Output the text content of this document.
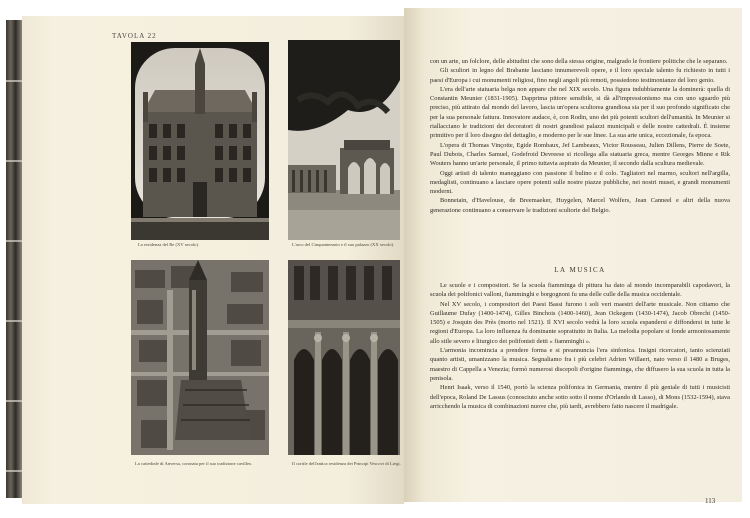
TAVOLA 22
La residenza del Re (XV secolo).	L'arco del Cinquantenario e il suo palazzo (XX secolo).
La cattedrale di Anversa, coronata per il suo tradizione cavilleo.	Il cortile dell'antica residenza dei Principi Vescovi di Liegi.

con un arte, un folclore, delle abitudini che sono della stessa origine, malgrado le frontiere politiche che le separano.

Gli scultori in legno del Brabante lasciano innumerevoli opere, e il loro speciale talento fu richiesto in tutti i paesi d'Europa i cui monumenti religiosi, fino negli angoli più remoti, possiedono testimonianze del loro genio.

L'era dell'arte statuaria belga non appare che nel XIX secolo. Una figura indubbiamente la dominerà: quella di Constantin Meunier (1831-1905). Dapprima pittore sensibile, si dà all'impressionismo ma con uno sguardo più preciso, più attirato dal mondo del lavoro, lascia un'opera scultorea grandiosa sia per il suo profondo significato che per la sua personale fattura. Innovatore audace, è, con Rodin, uno dei più potenti scultori dell'umanità. In Meunier si riallacciano le tradizioni dei decoratori di nostri grandiosi palazzi municipali e delle nostre cattedrali. È insieme primitivo per il loro disegno del dettaglio, e moderno per le sue linee. La sua arte unica, eccezionale, fa epoca.

L'opera di Thomas Vinçotte, Egide Rombaux, Jef Lambeaux, Victor Rousseau, Julien Dillens, Pierre de Soete, Paul Dubois, Charles Samuel, Godefroid Devreese si ricollega alla statuaria greca, mentre Georges Minne e Rik Wouters hanno un'arte personale, il primo tuttavia aspirato da Meunier, il secondo dalla scultura medievale.

Oggi artisti di talento maneggiano con passione il bulino e il colo. Tagliatori nel marmo, scultori nell'argilla, medaglisti, continuano a lasciare opere potenti sulle nostre piazze pubbliche, nei nostri musei, e grandi monumenti moderni.

Bonnetain, d'Havelouse, de Breemaeker, Huygelen, Marcel Wolfers, Jean Canneel e altri della nuova generazione continuano a conservare le tradizioni scultorie del Belgio.

LA MUSICA

Le scuole e i compositori. Se la scuola fiamminga di pittura ha dato al mondo incomparabili capodavori, la scuola dei polifonici valloni, fiamminghi e borgognoni fu una delle culle della musica occidentale.

Nel XV secolo, i compositori dei Paesi Bassi furono i soli veri maestri dell'arte musicale. Non citiamo che Guillaume Dufay (1400-1474), Gilles Binchois (1400-1460), Jean Ockegem (1430-1474), Jacob Obrecht (1450-1505) e Josquin des Près (morto nel 1521). Il XVI secolo vedrà la loro scuola espandersi e diffondersi in tutte le regioni d'Europa. La loro influenza fu dominante soprattutto in Italia. La melodia popolare si fonde armoniosamente allo stile severo e liturgico dei polifonisti detti « fiamminghi ».

L'armonia incomincia a prendere forma e si preannuncia l'era sinfonica. Insigni ricercatori, tanto scienziati quanto artisti, umanizzano la musica. Segnaliamo fra i più celebri Adrien Willaert, nato verso il 1480 a Bruges, maestro di Cappella a Venezia; formò numerosi discepoli d'origine fiamminga, che diffusero la sua scuola in tutta la penisola.

Henri Isaak, verso il 1540, portò la scienza polifonica in Germania, mentre il più geniale di tutti i musicisti dell'epoca, Roland De Lassus (conosciuto anche sotto sotto il nome d'Orlando di Lasso), di Mons (1532-1594), stava arricchendo la musica di combinazioni nuove che, più tardi, avrebbero fatto nascere il madrigale.

113
